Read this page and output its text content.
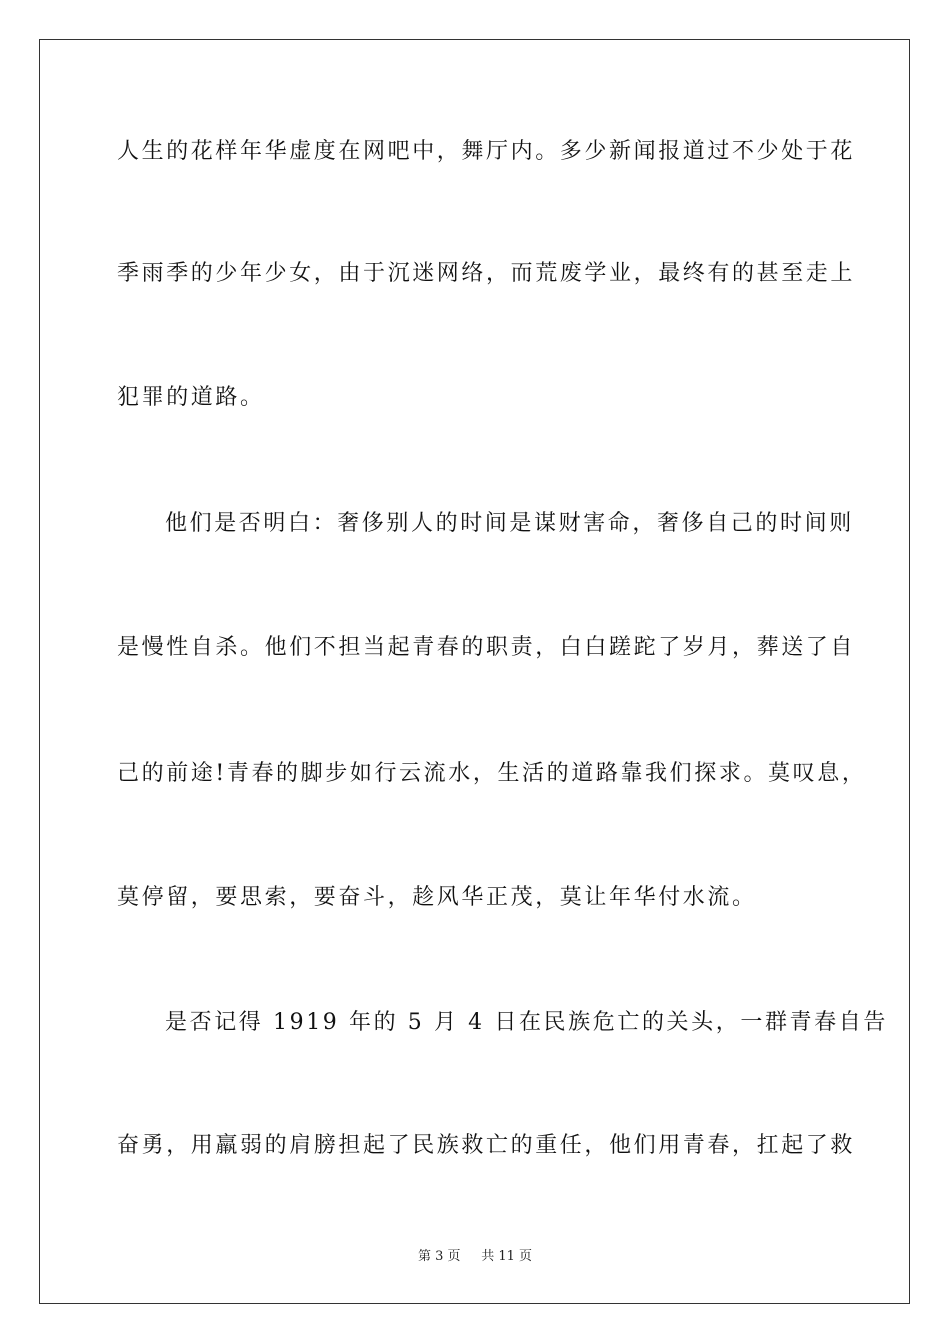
人生的花样年华虚度在网吧中，舞厅内。多少新闻报道过不少处于花
季雨季的少年少女，由于沉迷网络，而荒废学业，最终有的甚至走上
犯罪的道路。
他们是否明白：奢侈别人的时间是谋财害命，奢侈自己的时间则
是慢性自杀。他们不担当起青春的职责，白白蹉跎了岁月，葬送了自
己的前途!青春的脚步如行云流水，生活的道路靠我们探求。莫叹息，
莫停留，要思索，要奋斗，趁风华正茂，莫让年华付水流。
是否记得 1919 年的 5 月 4 日在民族危亡的关头，一群青春自告
奋勇，用羸弱的肩膀担起了民族救亡的重任，他们用青春，扛起了救
第 3 页 共 11 页
